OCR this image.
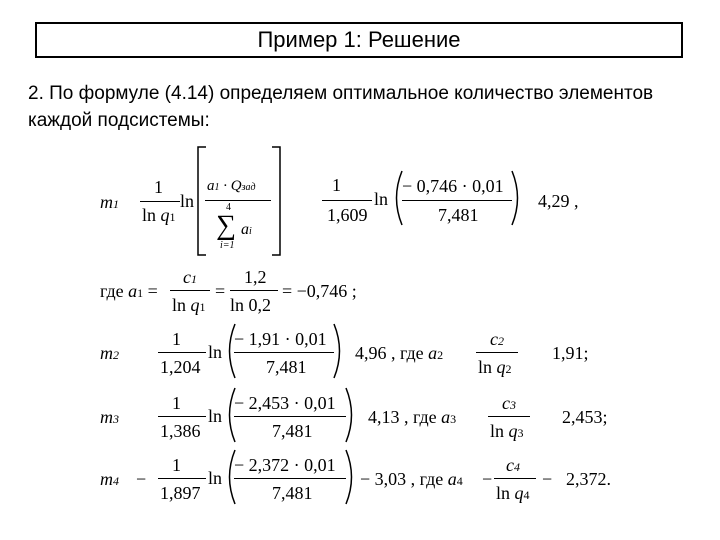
Пример 1: Решение
2. По формуле (4.14) определяем оптимальное количество элементов каждой подсистемы:
m1
1
ln q1
ln
a1 · Qзад
4
∑ ai
i=1
1
1,609
ln
− 0,746 · 0,01
7,481
4,29 ,
где a1 =
c1
ln q1
=
1,2
ln 0,2
= −0,746 ;
m2
1
1,204
ln
− 1,91 · 0,01
7,481
4,96 , где a2
c2
ln q2
1,91;
m3
1
1,386
ln
− 2,453 · 0,01
7,481
4,13 , где a3
c3
ln q3
2,453;
m4 −
1
1,897
ln
− 2,372 · 0,01
7,481
− 3,03 , где a4 −
c4
ln q4
− 2,372.
